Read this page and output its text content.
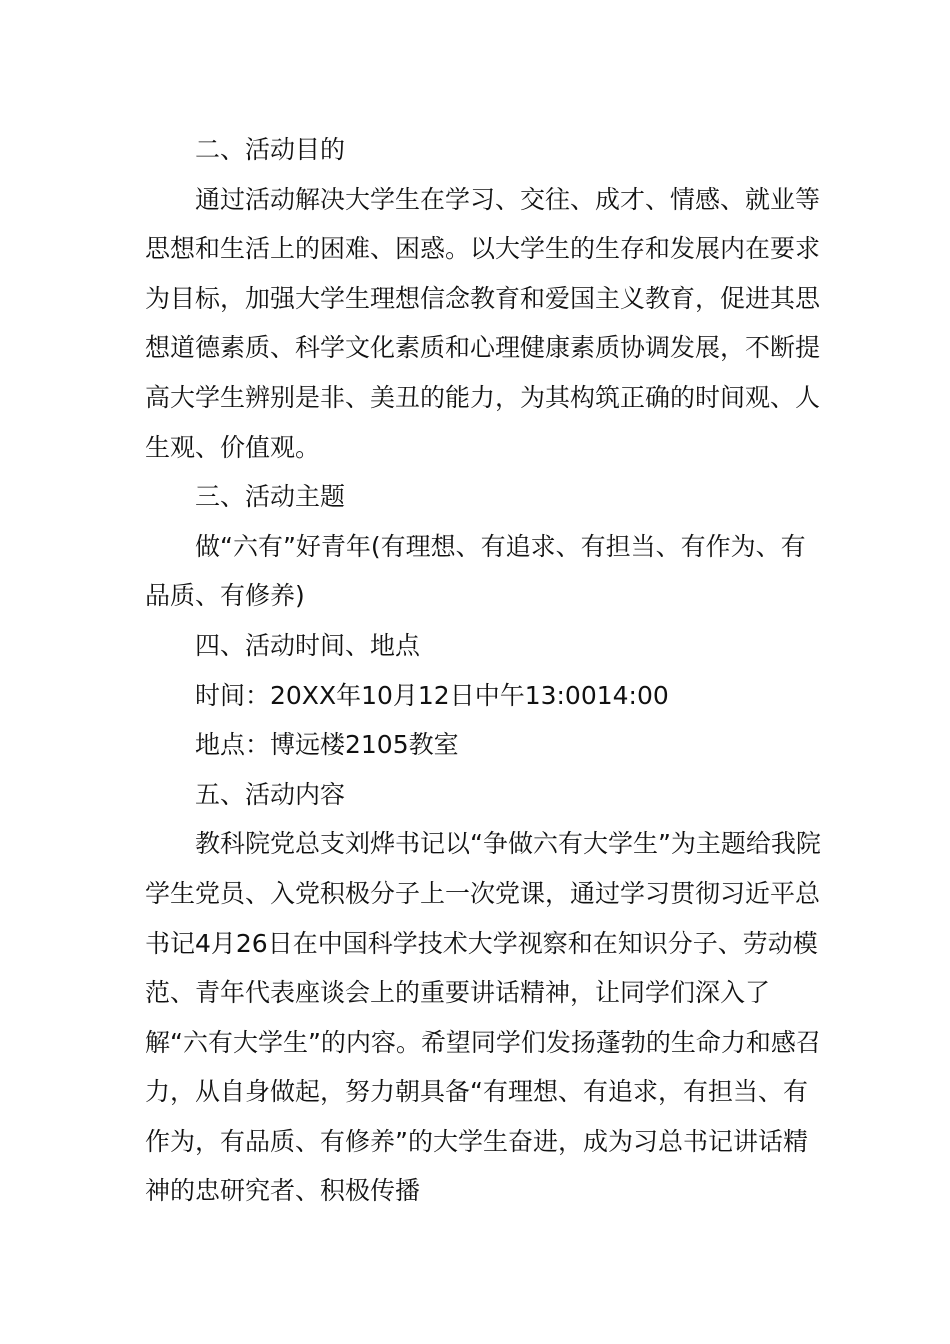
二、活动目的

通过活动解决大学生在学习、交往、成才、情感、就业等思想和生活上的困难、困惑。以大学生的生存和发展内在要求为目标，加强大学生理想信念教育和爱国主义教育，促进其思想道德素质、科学文化素质和心理健康素质协调发展，不断提高大学生辨别是非、美丑的能力，为其构筑正确的时间观、人生观、价值观。

三、活动主题

做“六有”好青年(有理想、有追求、有担当、有作为、有品质、有修养)

四、活动时间、地点

时间：20XX年10月12日中午13:0014:00

地点：博远楼2105教室

五、活动内容

教科院党总支刘烨书记以“争做六有大学生”为主题给我院学生党员、入党积极分子上一次党课，通过学习贯彻习近平总书记4月26日在中国科学技术大学视察和在知识分子、劳动模范、青年代表座谈会上的重要讲话精神，让同学们深入了解“六有大学生”的内容。希望同学们发扬蓬勃的生命力和感召力，从自身做起，努力朝具备“有理想、有追求，有担当、有作为，有品质、有修养”的大学生奋进，成为习总书记讲话精神的忠研究者、积极传播
